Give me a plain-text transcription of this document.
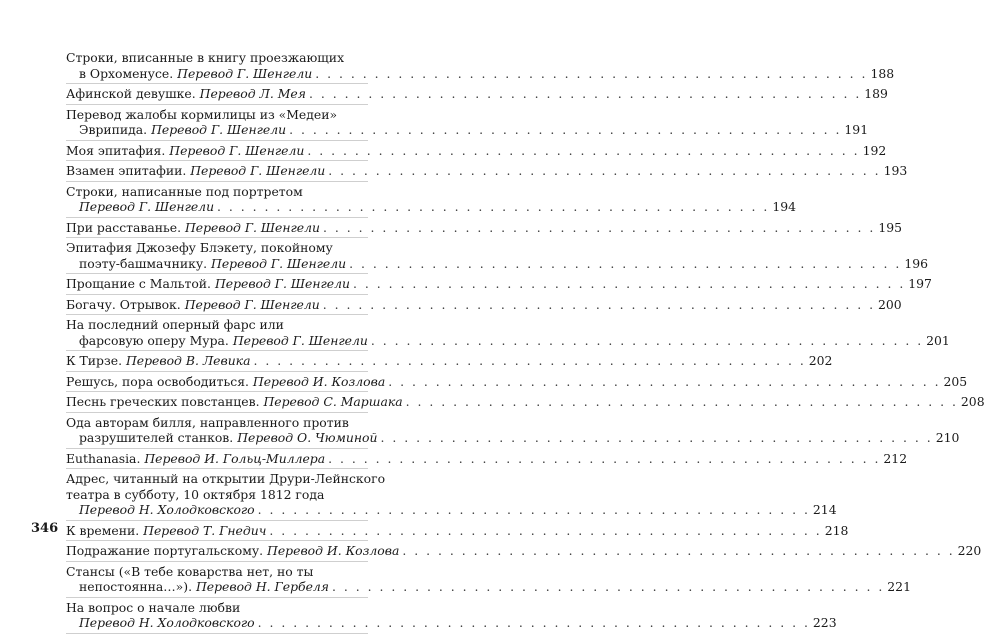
Строки, вписанные в книгу проезжающих
в Орхоменусе. Перевод Г. Шенгели . . . . . . . . . . . . . . . . . . . . . . . . . . . . . . . . . . . . . . . . . . . . . . . 188
Афинской девушке. Перевод Л. Мея . . . . . . . . . . . . . . . . . . . . . . . . . . . . . . . . . . . . . . . . . . . . . . . 189
Перевод жалобы кормилицы из «Медеи»
Эврипида. Перевод Г. Шенгели . . . . . . . . . . . . . . . . . . . . . . . . . . . . . . . . . . . . . . . . . . . . . . . 191
Моя эпитафия. Перевод Г. Шенгели . . . . . . . . . . . . . . . . . . . . . . . . . . . . . . . . . . . . . . . . . . . . . . . 192
Взамен эпитафии. Перевод Г. Шенгели . . . . . . . . . . . . . . . . . . . . . . . . . . . . . . . . . . . . . . . . . . . . . . . 193
Строки, написанные под портретом
Перевод Г. Шенгели . . . . . . . . . . . . . . . . . . . . . . . . . . . . . . . . . . . . . . . . . . . . . . . 194
При расставанье. Перевод Г. Шенгели . . . . . . . . . . . . . . . . . . . . . . . . . . . . . . . . . . . . . . . . . . . . . . . 195
Эпитафия Джозефу Блэкету, покойному
поэту-башмачнику. Перевод Г. Шенгели . . . . . . . . . . . . . . . . . . . . . . . . . . . . . . . . . . . . . . . . . . . . . . . 196
Прощание с Мальтой. Перевод Г. Шенгели . . . . . . . . . . . . . . . . . . . . . . . . . . . . . . . . . . . . . . . . . . . . . . . 197
Богачу. Отрывок. Перевод Г. Шенгели . . . . . . . . . . . . . . . . . . . . . . . . . . . . . . . . . . . . . . . . . . . . . . . 200
На последний оперный фарс или
фарсовую оперу Мура. Перевод Г. Шенгели . . . . . . . . . . . . . . . . . . . . . . . . . . . . . . . . . . . . . . . . . . . . . . . 201
К Тирзе. Перевод В. Левика . . . . . . . . . . . . . . . . . . . . . . . . . . . . . . . . . . . . . . . . . . . . . . . 202
Решусь, пора освободиться. Перевод И. Козлова . . . . . . . . . . . . . . . . . . . . . . . . . . . . . . . . . . . . . . . . . . . . . . . 205
Песнь греческих повстанцев. Перевод С. Маршака . . . . . . . . . . . . . . . . . . . . . . . . . . . . . . . . . . . . . . . . . . . . . . . 208
Ода авторам билля, направленного против
разрушителей станков. Перевод О. Чюминой . . . . . . . . . . . . . . . . . . . . . . . . . . . . . . . . . . . . . . . . . . . . . . . 210
Euthanasia. Перевод И. Гольц-Миллера . . . . . . . . . . . . . . . . . . . . . . . . . . . . . . . . . . . . . . . . . . . . . . . 212
Адрес, читанный на открытии Друри-Лейнского
театра в субботу, 10 октября 1812 года
Перевод Н. Холодковского . . . . . . . . . . . . . . . . . . . . . . . . . . . . . . . . . . . . . . . . . . . . . . . 214
К времени. Перевод Т. Гнедич . . . . . . . . . . . . . . . . . . . . . . . . . . . . . . . . . . . . . . . . . . . . . . . 218
Подражание португальскому. Перевод И. Козлова . . . . . . . . . . . . . . . . . . . . . . . . . . . . . . . . . . . . . . . . . . . . . . . 220
Стансы («В тебе коварства нет, но ты
непостоянна…»). Перевод Н. Гербеля . . . . . . . . . . . . . . . . . . . . . . . . . . . . . . . . . . . . . . . . . . . . . . . 221
На вопрос о начале любви
Перевод Н. Холодковского . . . . . . . . . . . . . . . . . . . . . . . . . . . . . . . . . . . . . . . . . . . . . . . 223
346
